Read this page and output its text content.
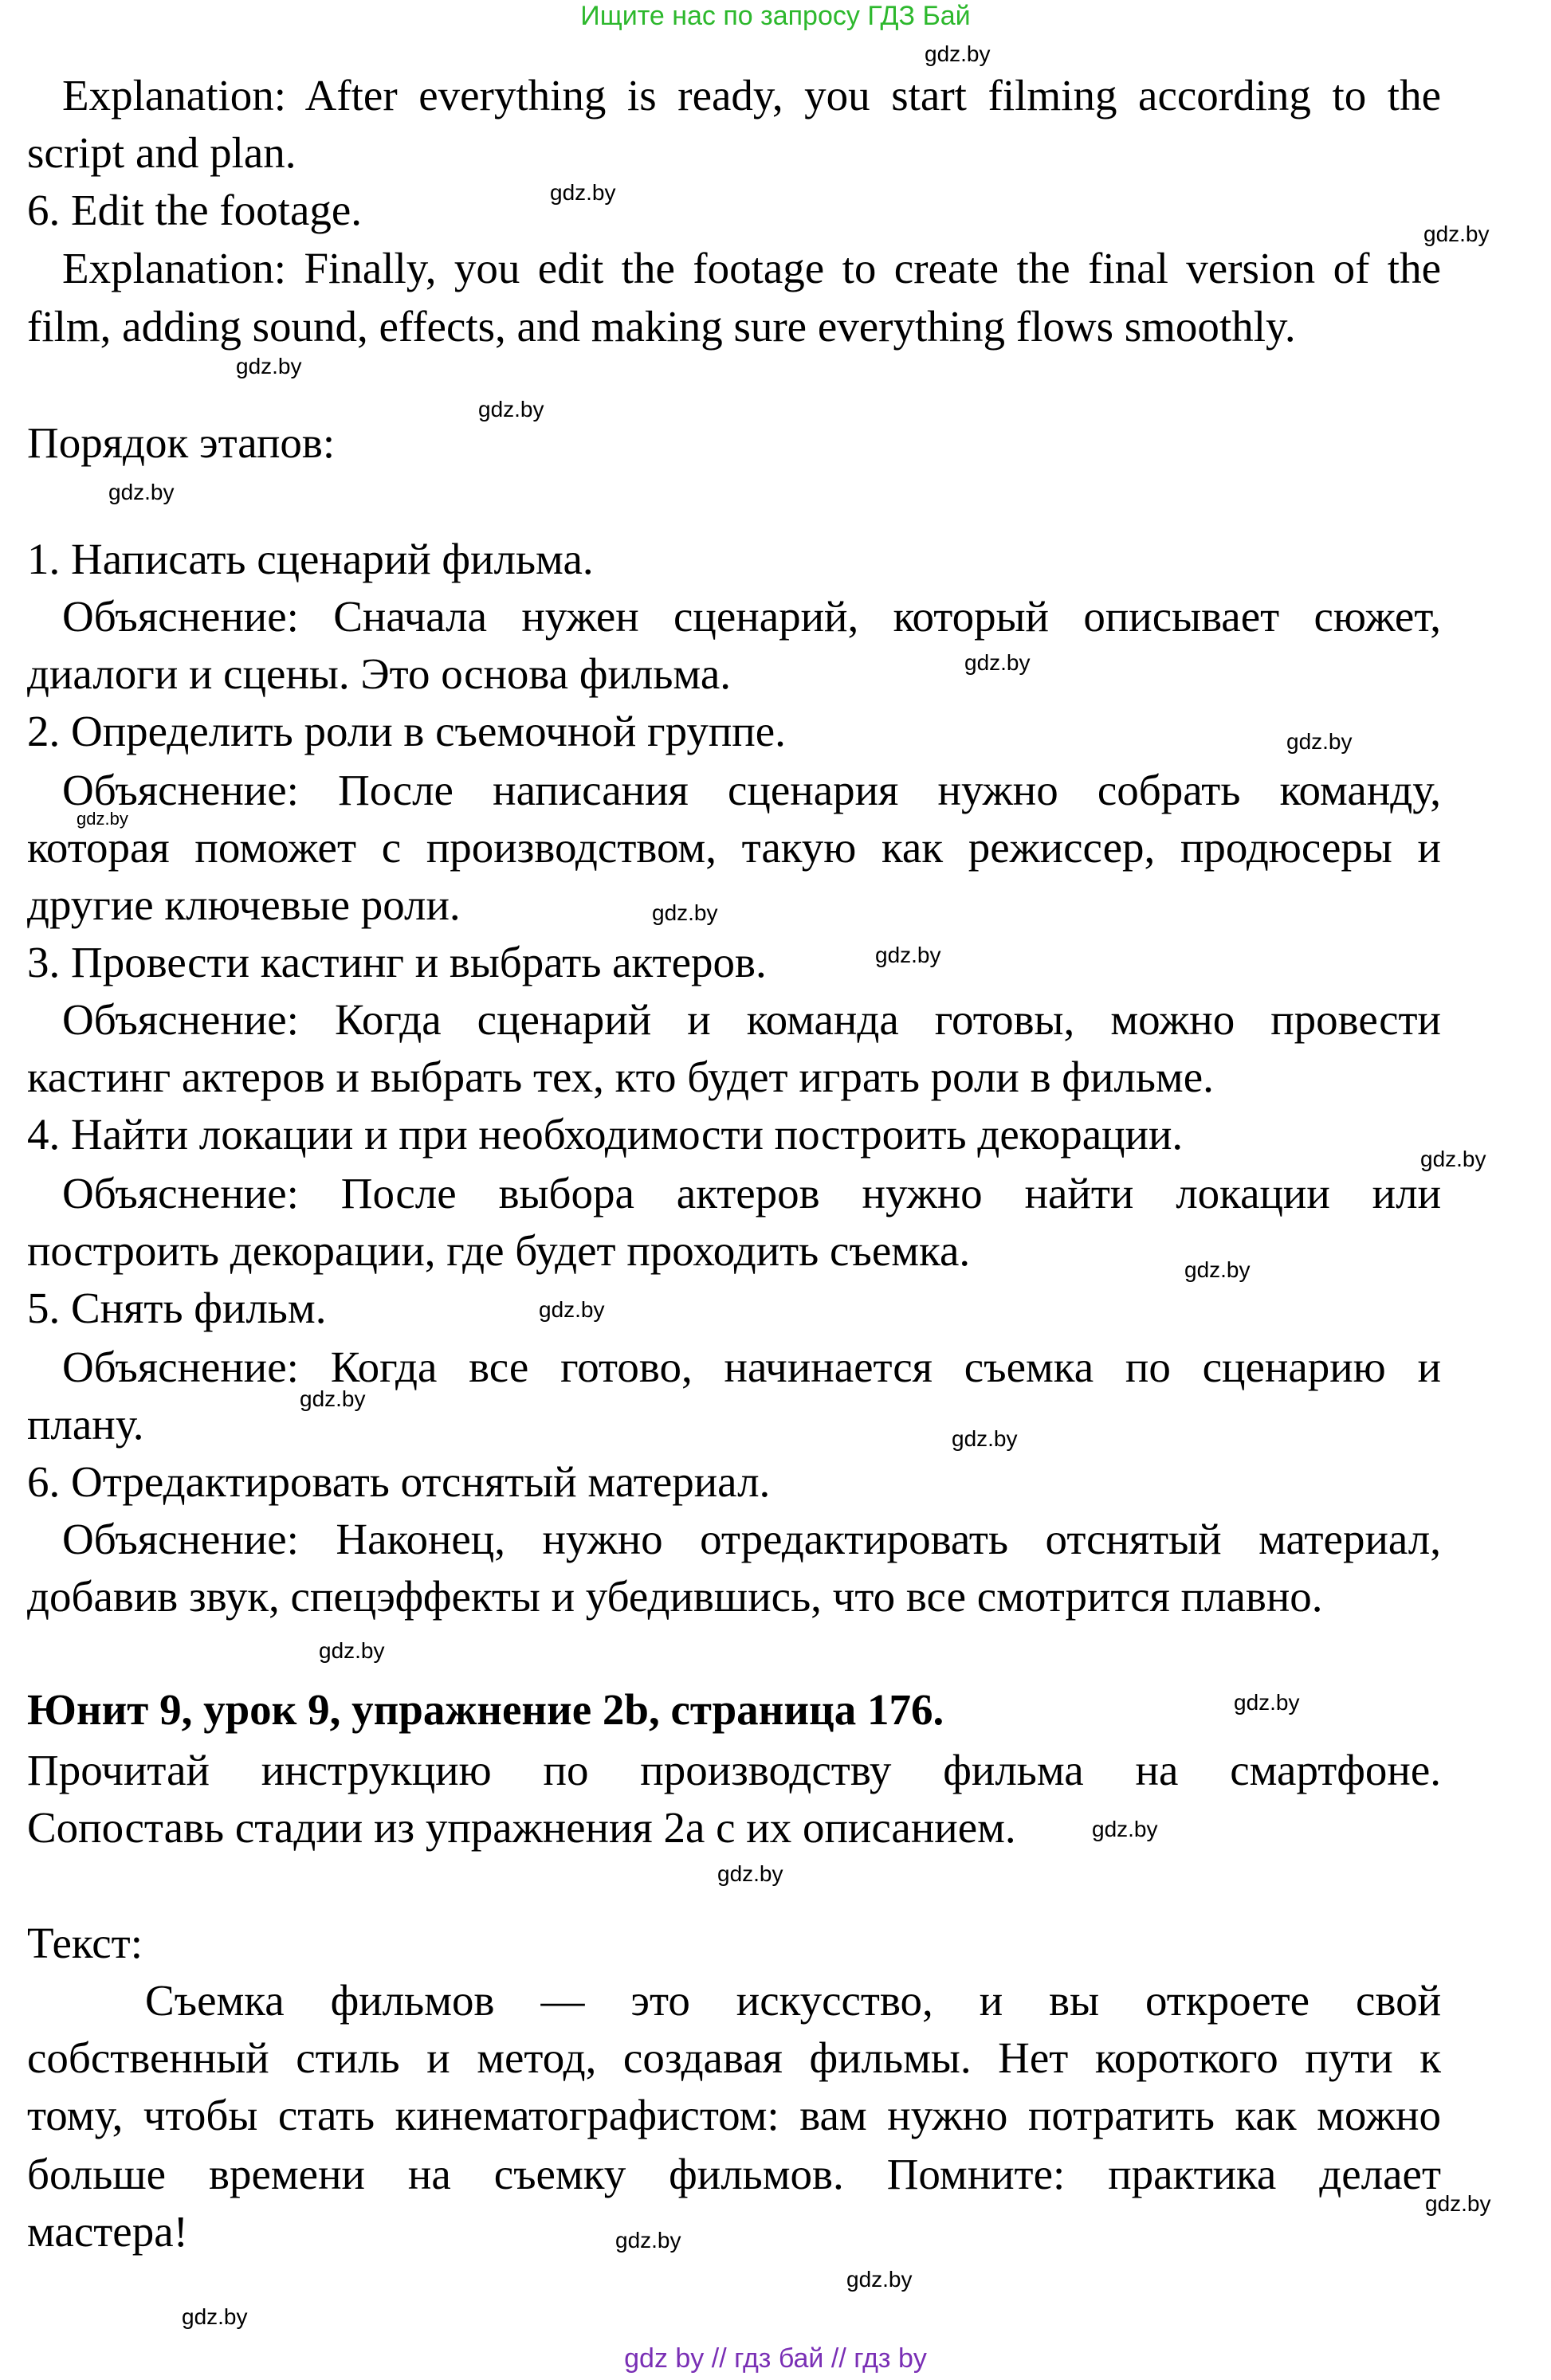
Ищите нас по запросу ГДЗ Бай
Explanation: After everything is ready, you start filming according to the
script and plan.
6. Edit the footage.
Explanation: Finally, you edit the footage to create the final version of the
film, adding sound, effects, and making sure everything flows smoothly.
Порядок этапов:
1. Написать сценарий фильма.
Объяснение: Сначала нужен сценарий, который описывает сюжет,
диалоги и сцены. Это основа фильма.
2. Определить роли в съемочной группе.
Объяснение: После написания сценария нужно собрать команду,
которая поможет с производством, такую как режиссер, продюсеры и
другие ключевые роли.
3. Провести кастинг и выбрать актеров.
Объяснение: Когда сценарий и команда готовы, можно провести
кастинг актеров и выбрать тех, кто будет играть роли в фильме.
4. Найти локации и при необходимости построить декорации.
Объяснение: После выбора актеров нужно найти локации или
построить декорации, где будет проходить съемка.
5. Снять фильм.
Объяснение: Когда все готово, начинается съемка по сценарию и
плану.
6. Отредактировать отснятый материал.
Объяснение: Наконец, нужно отредактировать отснятый материал,
добавив звук, спецэффекты и убедившись, что все смотрится плавно.
Юнит 9, урок 9, упражнение 2b, страница 176.
Прочитай инструкцию по производству фильма на смартфоне.
Сопоставь стадии из упражнения 2a с их описанием.
Текст:
Съемка фильмов — это искусство, и вы откроете свой
собственный стиль и метод, создавая фильмы. Нет короткого пути к
тому, чтобы стать кинематографистом: вам нужно потратить как можно
больше времени на съемку фильмов. Помните: практика делает
мастера!
gdz.by
gdz.by
gdz.by
gdz.by
gdz.by
gdz.by
gdz.by
gdz.by
gdz.by
gdz.by
gdz.by
gdz.by
gdz.by
gdz.by
gdz.by
gdz.by
gdz.by
gdz.by
gdz.by
gdz.by
gdz.by
gdz.by
gdz.by
gdz.by
gdz by // гдз бай // гдз by
